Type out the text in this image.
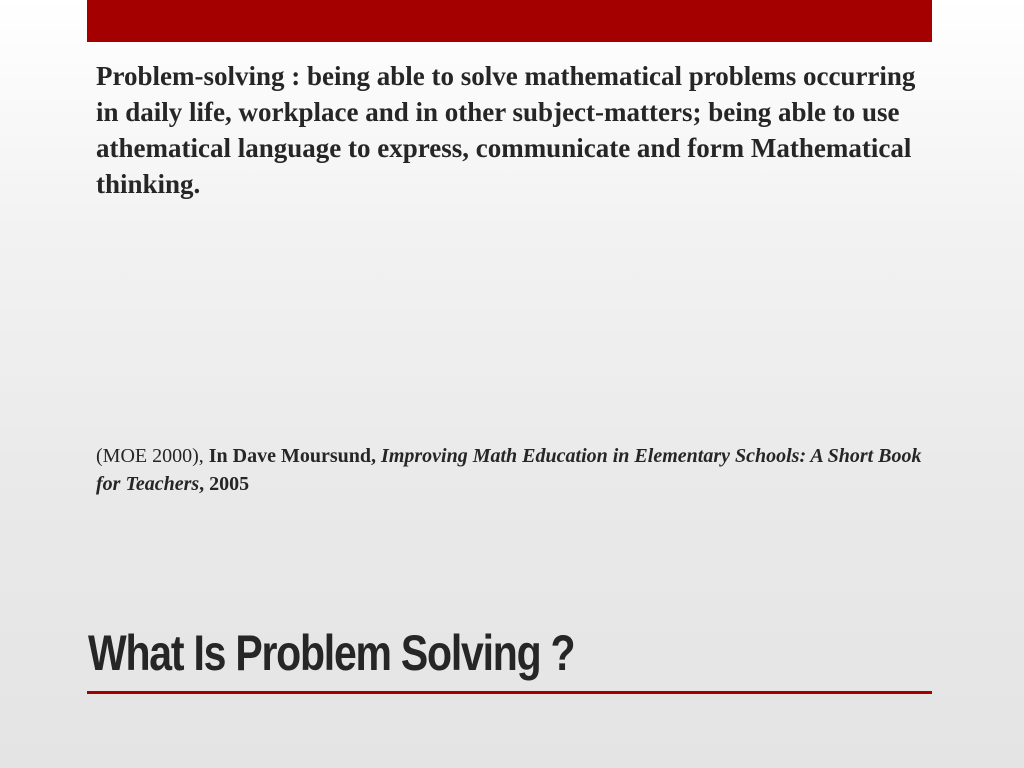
Problem-solving : being able to solve mathematical problems occurring in daily life, workplace and in other subject-matters; being able to use athematical language to express, communicate and form Mathematical thinking.

(MOE 2000), In Dave Moursund, Improving Math Education in Elementary Schools: A Short Book for Teachers, 2005

What Is Problem Solving ?
